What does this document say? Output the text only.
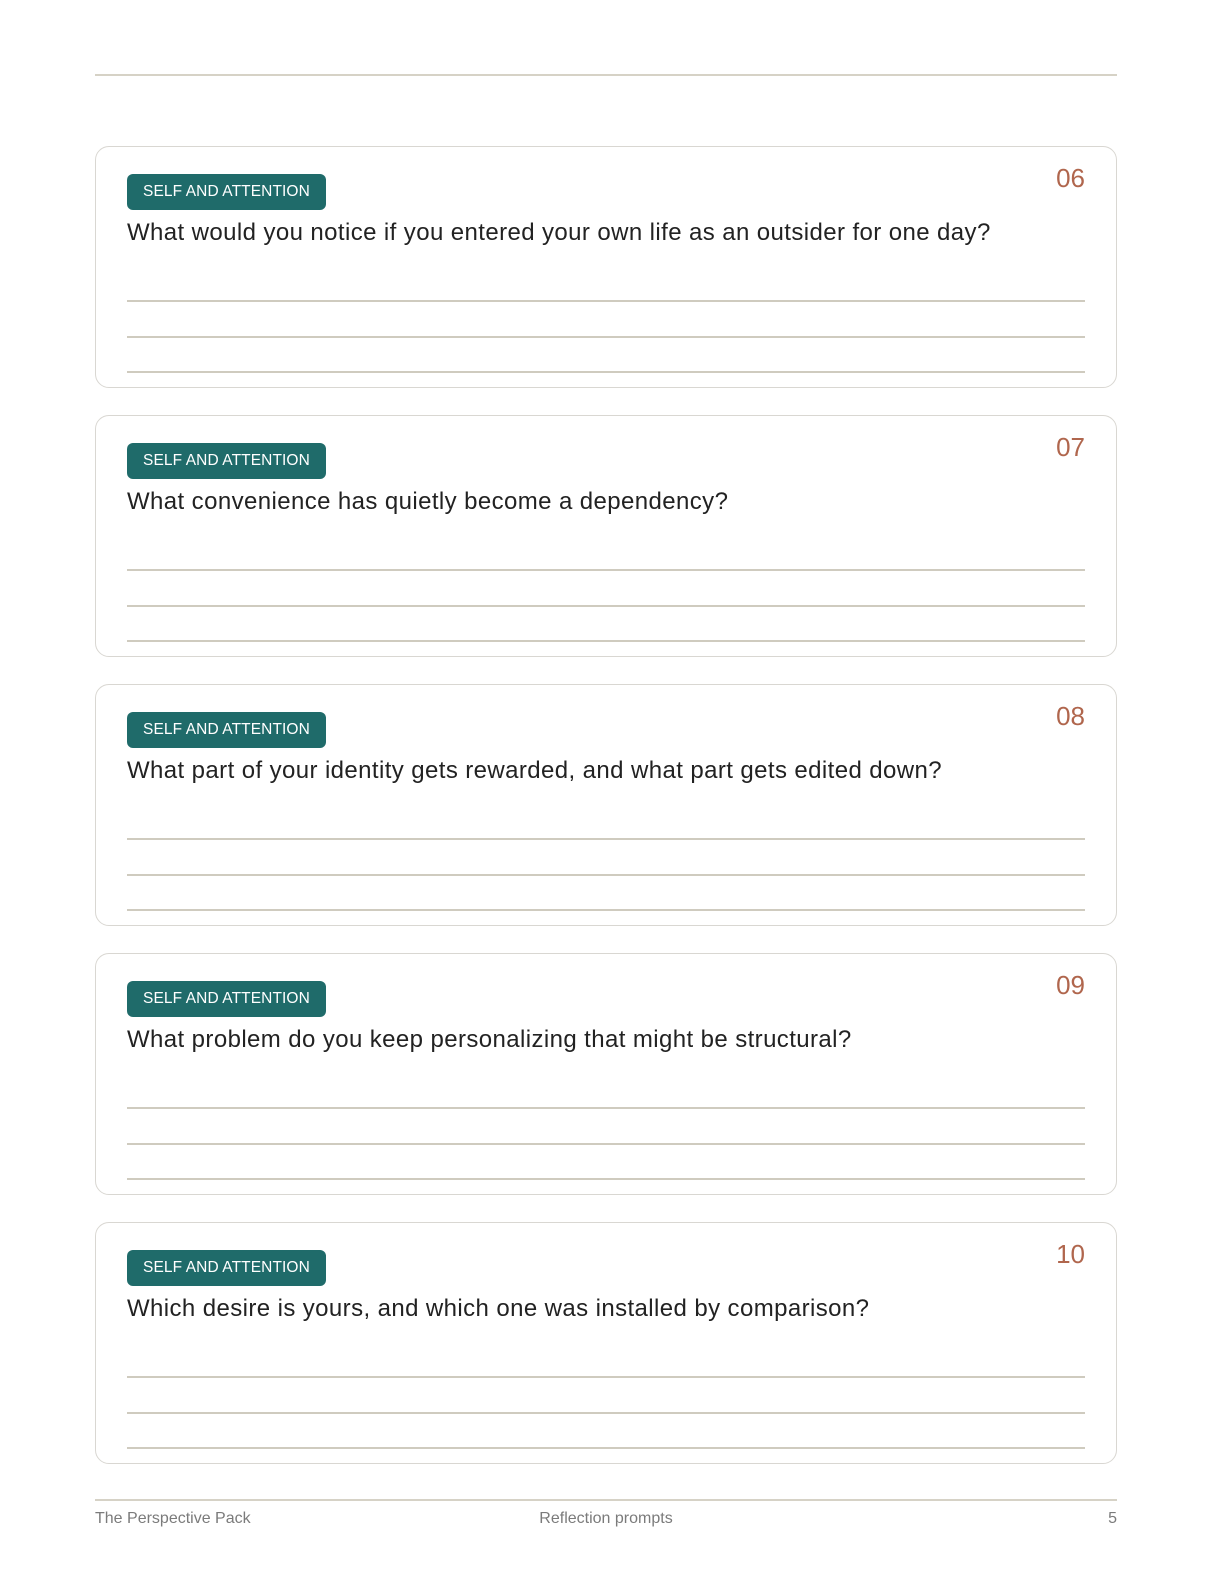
SELF AND ATTENTION	06
What would you notice if you entered your own life as an outsider for one day?
SELF AND ATTENTION	07
What convenience has quietly become a dependency?
SELF AND ATTENTION	08
What part of your identity gets rewarded, and what part gets edited down?
SELF AND ATTENTION	09
What problem do you keep personalizing that might be structural?
SELF AND ATTENTION	10
Which desire is yours, and which one was installed by comparison?
The Perspective Pack	Reflection prompts	5
